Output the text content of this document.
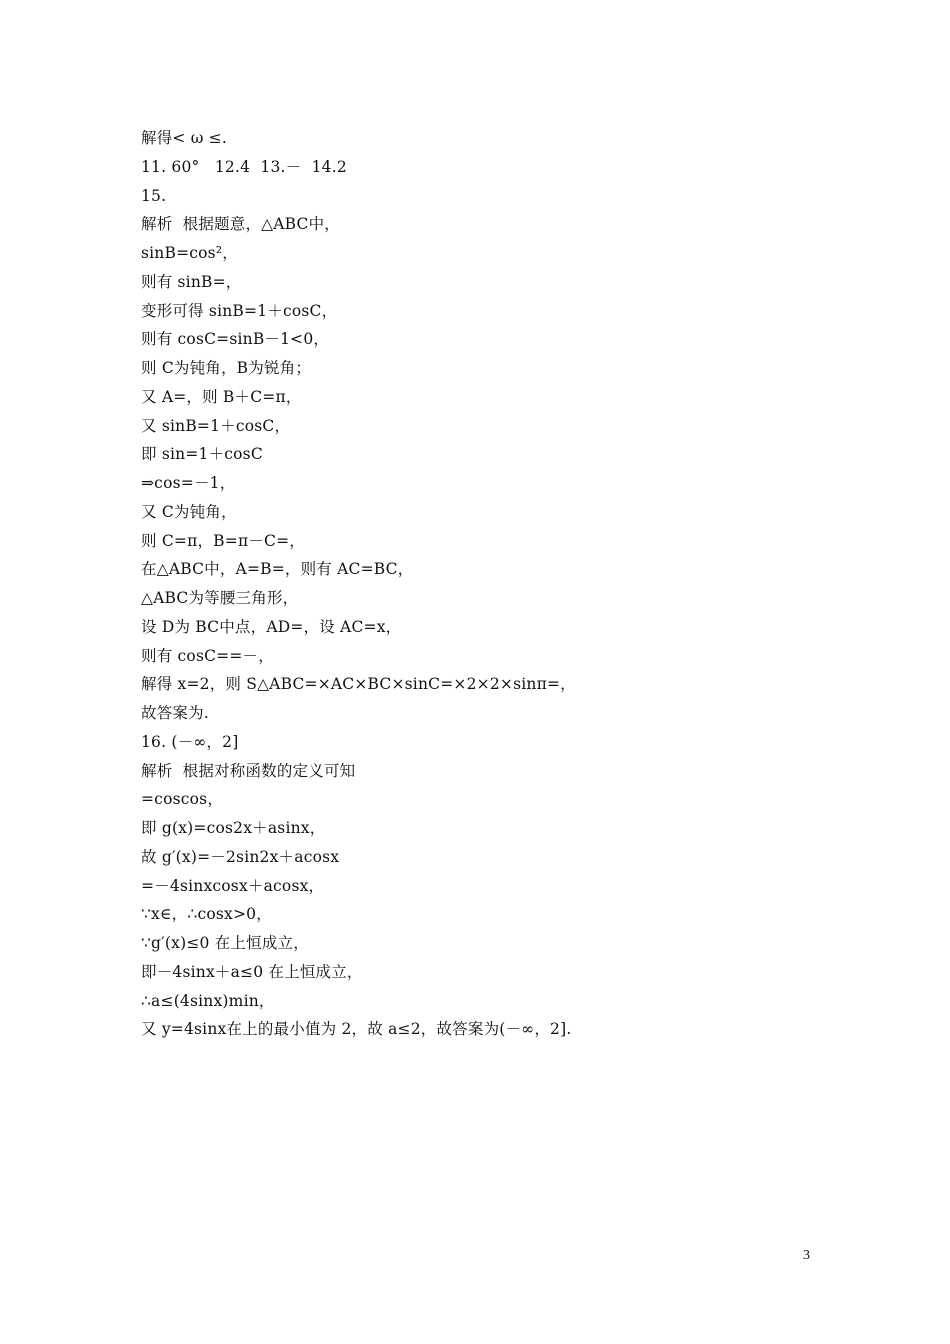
解得< ω ≤.
11. 60°   12.4  13.－  14.2
15.
解析  根据题意，△ABC中，
sinB=cos²，
则有 sinB=，
变形可得 sinB=1＋cosC，
则有 cosC=sinB－1<0，
则 C为钝角，B为锐角；
又 A=，则 B＋C=π，
又 sinB=1＋cosC，
即 sin=1＋cosC
⇒cos=－1，
又 C为钝角，
则 C=π，B=π－C=，
在△ABC中，A=B=，则有 AC=BC，
△ABC为等腰三角形，
设 D为 BC中点，AD=，设 AC=x，
则有 cosC==－，
解得 x=2，则 S△ABC=×AC×BC×sinC=×2×2×sinπ=，
故答案为.
16. (－∞，2]
解析  根据对称函数的定义可知
=coscos，
即 g(x)=cos2x＋asinx，
故 g′(x)=－2sin2x＋acosx
=－4sinxcosx＋acosx，
∵x∈，∴cosx>0，
∵g′(x)≤0 在上恒成立，
即－4sinx＋a≤0 在上恒成立，
∴a≤(4sinx)min，
又 y=4sinx在上的最小值为 2，故 a≤2，故答案为(－∞，2].
3
